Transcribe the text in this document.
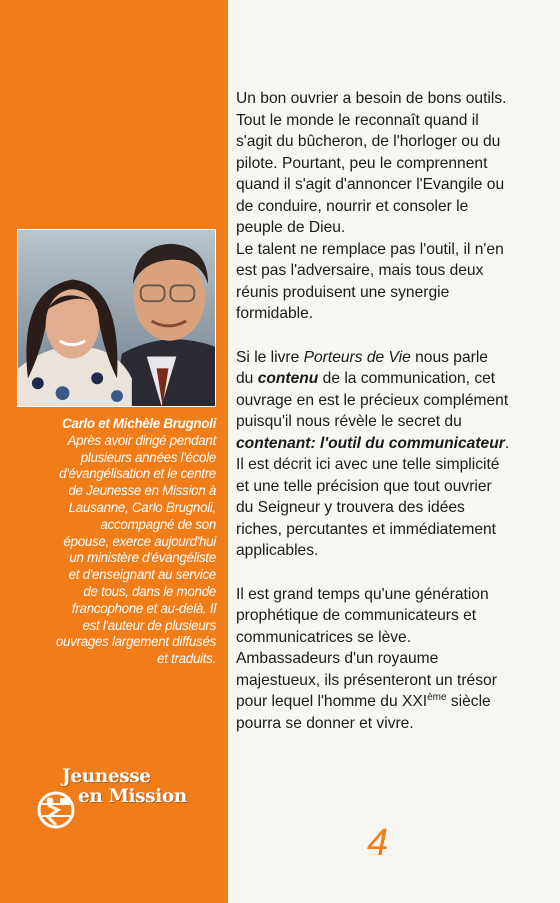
Carlo et Michèle Brugnoli
Après avoir dirigé pendant
plusieurs années l'école
d'évangélisation et le centre
de Jeunesse en Mission à
Lausanne, Carlo Brugnoli,
accompagné de son
épouse, exerce aujourd'hui
un ministère d'évangéliste
et d'enseignant au service
de tous, dans le monde
francophone et au-delà. Il
est l'auteur de plusieurs
ouvrages largement diffusés
et traduits.
Jeunesse
en Mission
Un bon ouvrier a besoin de bons outils.
Tout le monde le reconnaît quand il
s'agit du bûcheron, de l'horloger ou du
pilote. Pourtant, peu le comprennent
quand il s'agit d'annoncer l'Evangile ou
de conduire, nourrir et consoler le
peuple de Dieu.
Le talent ne remplace pas l'outil, il n'en
est pas l'adversaire, mais tous deux
réunis produisent une synergie
formidable.
Si le livre Porteurs de Vie nous parle
du contenu de la communication, cet
ouvrage en est le précieux complément
puisqu'il nous révèle le secret du
contenant: l'outil du communicateur.
Il est décrit ici avec une telle simplicité
et une telle précision que tout ouvrier
du Seigneur y trouvera des idées
riches, percutantes et immédiatement
applicables.
Il est grand temps qu'une génération
prophétique de communicateurs et
communicatrices se lève.
Ambassadeurs d'un royaume
majestueux, ils présenteront un trésor
pour lequel l'homme du XXIème siècle
pourra se donner et vivre.
4
